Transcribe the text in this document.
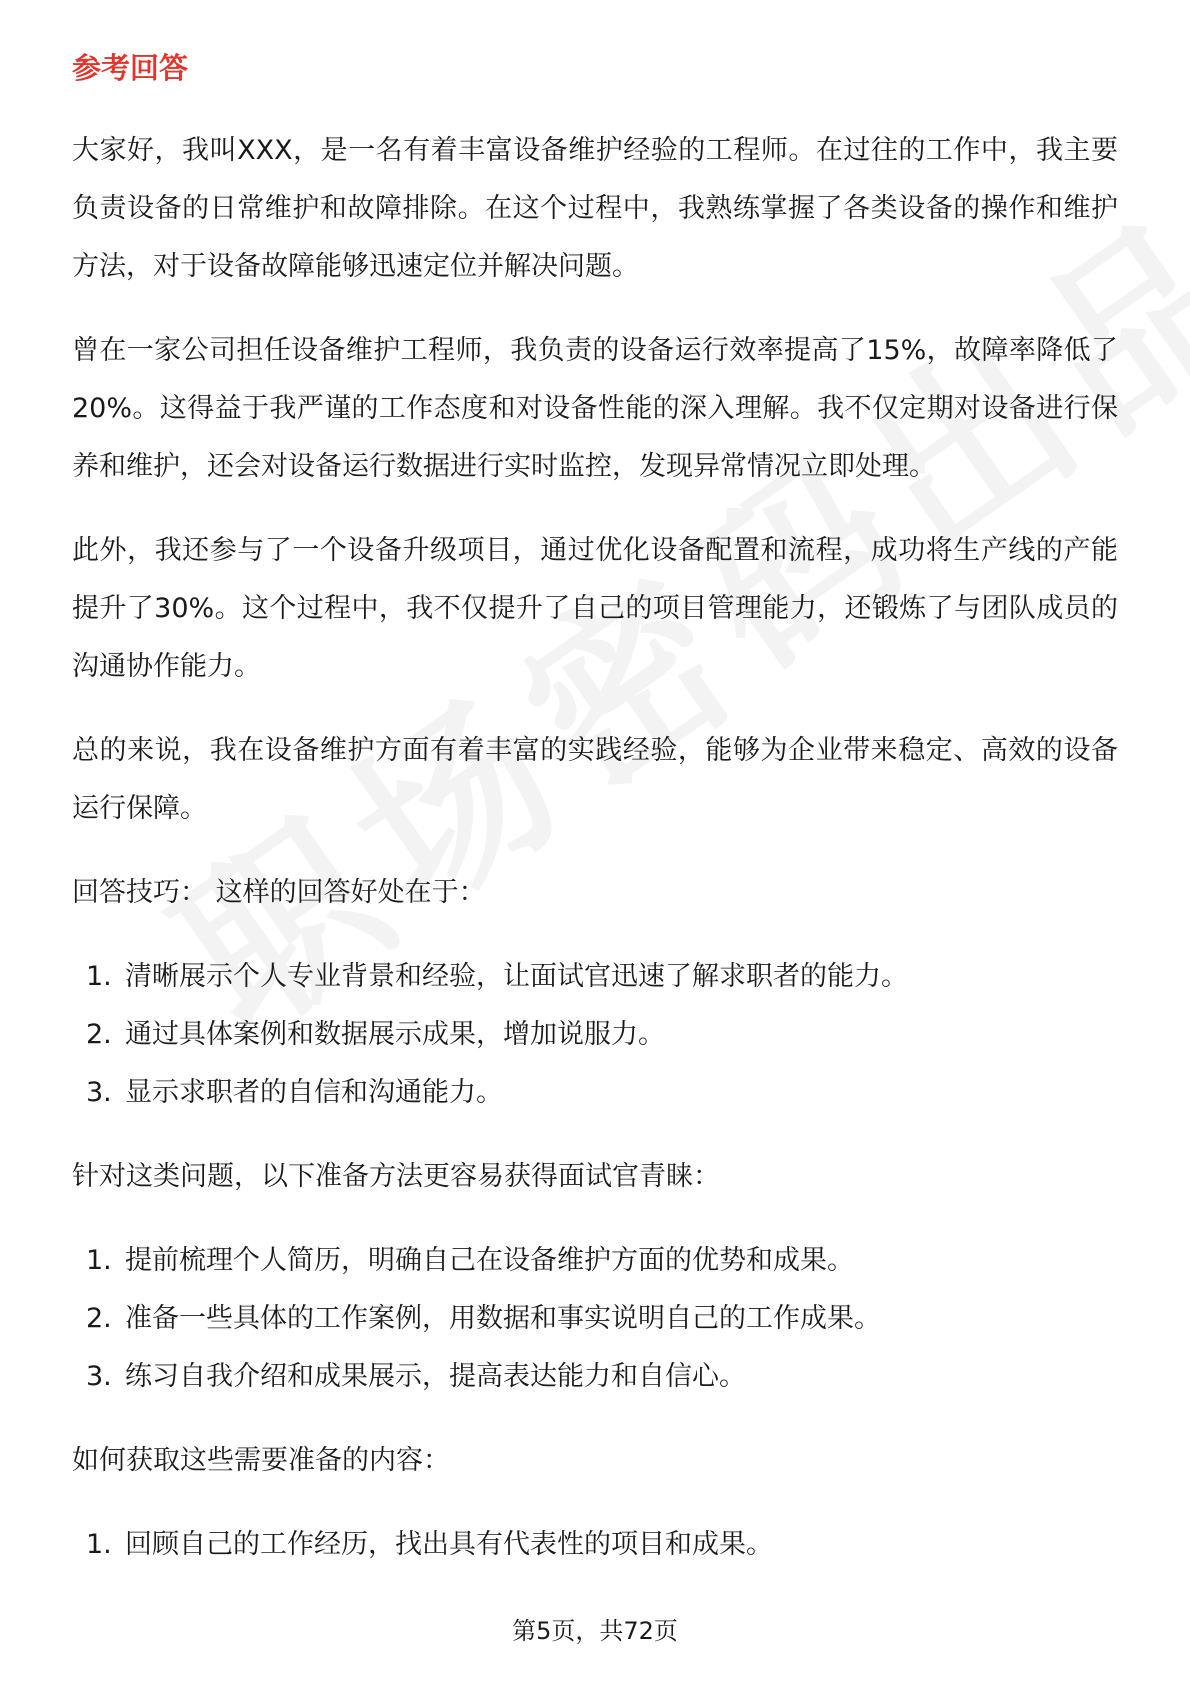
参考回答

大家好，我叫XXX，是一名有着丰富设备维护经验的工程师。在过往的工作中，我主要负责设备的日常维护和故障排除。在这个过程中，我熟练掌握了各类设备的操作和维护方法，对于设备故障能够迅速定位并解决问题。

曾在一家公司担任设备维护工程师，我负责的设备运行效率提高了15%，故障率降低了20%。这得益于我严谨的工作态度和对设备性能的深入理解。我不仅定期对设备进行保养和维护，还会对设备运行数据进行实时监控，发现异常情况立即处理。

此外，我还参与了一个设备升级项目，通过优化设备配置和流程，成功将生产线的产能提升了30%。这个过程中，我不仅提升了自己的项目管理能力，还锻炼了与团队成员的沟通协作能力。

总的来说，我在设备维护方面有着丰富的实践经验，能够为企业带来稳定、高效的设备运行保障。

回答技巧： 这样的回答好处在于：

1. 清晰展示个人专业背景和经验，让面试官迅速了解求职者的能力。
2. 通过具体案例和数据展示成果，增加说服力。
3. 显示求职者的自信和沟通能力。

针对这类问题，以下准备方法更容易获得面试官青睐：

1. 提前梳理个人简历，明确自己在设备维护方面的优势和成果。
2. 准备一些具体的工作案例，用数据和事实说明自己的工作成果。
3. 练习自我介绍和成果展示，提高表达能力和自信心。

如何获取这些需要准备的内容：

1. 回顾自己的工作经历，找出具有代表性的项目和成果。
第5页，共72页
